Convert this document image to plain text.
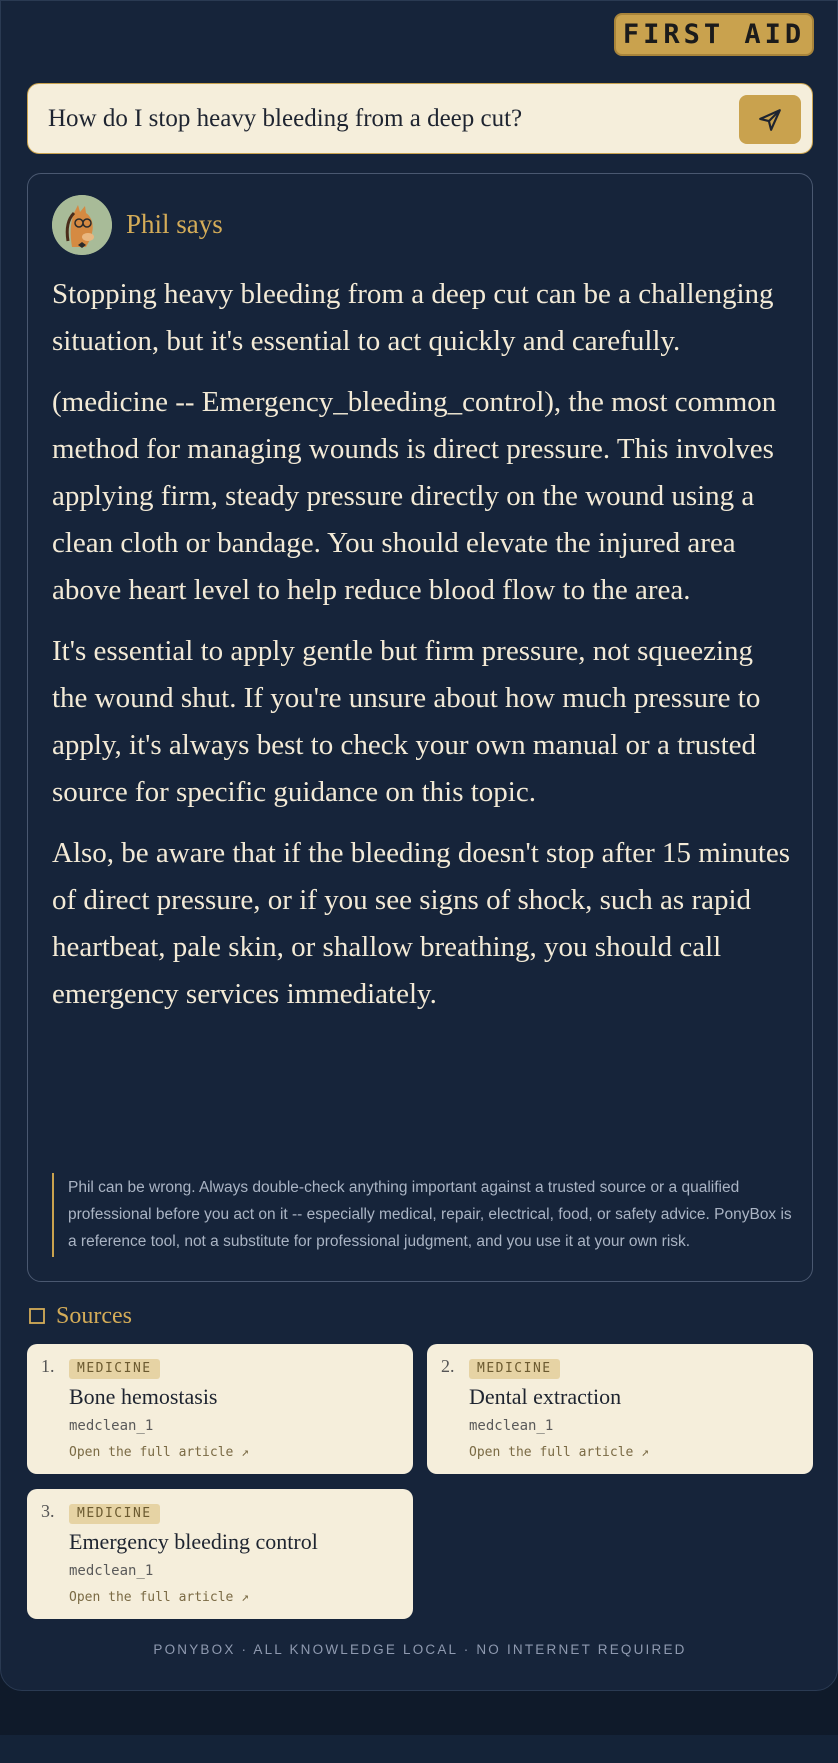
FIRST AID
How do I stop heavy bleeding from a deep cut?
Phil says

Stopping heavy bleeding from a deep cut can be a challenging situation, but it's essential to act quickly and carefully.

(medicine -- Emergency_bleeding_control), the most common method for managing wounds is direct pressure. This involves applying firm, steady pressure directly on the wound using a clean cloth or bandage. You should elevate the injured area above heart level to help reduce blood flow to the area.

It's essential to apply gentle but firm pressure, not squeezing the wound shut. If you're unsure about how much pressure to apply, it's always best to check your own manual or a trusted source for specific guidance on this topic.

Also, be aware that if the bleeding doesn't stop after 15 minutes of direct pressure, or if you see signs of shock, such as rapid heartbeat, pale skin, or shallow breathing, you should call emergency services immediately.

Phil can be wrong. Always double-check anything important against a trusted source or a qualified professional before you act on it -- especially medical, repair, electrical, food, or safety advice. PonyBox is a reference tool, not a substitute for professional judgment, and you use it at your own risk.
Sources
1.	MEDICINE
Bone hemostasis
medclean_1
Open the full article ↗
2.	MEDICINE
Dental extraction
medclean_1
Open the full article ↗
3.	MEDICINE
Emergency bleeding control
medclean_1
Open the full article ↗
PONYBOX · ALL KNOWLEDGE LOCAL · NO INTERNET REQUIRED
